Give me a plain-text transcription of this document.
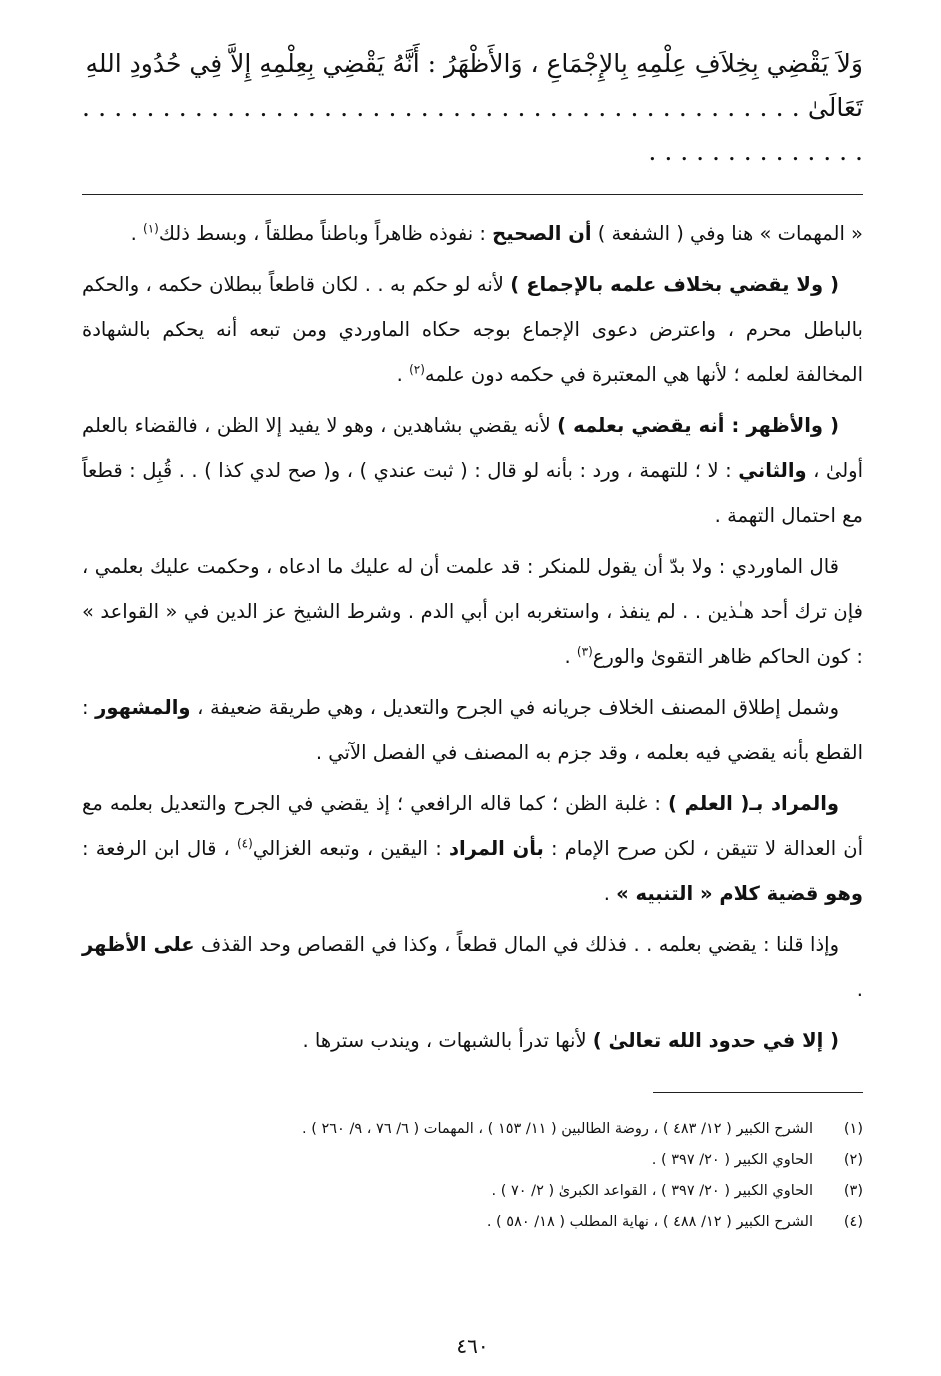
وَلاَ يَقْضِي بِخِلاَفِ عِلْمِهِ بِالإِجْمَاعِ ، وَالأَظْهَرُ : أَنَّهُ يَقْضِي بِعِلْمِهِ إِلاَّ فِي حُدُودِ اللهِ
تَعَالَىٰ . . . . . . . . . . . . . . . . . . . . . . . . . . . . . . . . . . . . . . . . . . . . . . . . . . . . . . . . . . .

« المهمات » هنا وفي ( الشفعة ) أن الصحيح : نفوذه ظاهراً وباطناً مطلقاً ، وبسط ذلك$^{(١)}$ .

( ولا يقضي بخلاف علمه بالإجماع ) لأنه لو حكم به . . لكان قاطعاً ببطلان حكمه ، والحكم بالباطل محرم ، واعترض دعوى الإجماع بوجه حكاه الماوردي ومن تبعه أنه يحكم بالشهادة المخالفة لعلمه ؛ لأنها هي المعتبرة في حكمه دون علمه$^{(٢)}$ .

( والأظهر : أنه يقضي بعلمه ) لأنه يقضي بشاهدين ، وهو لا يفيد إلا الظن ، فالقضاء بالعلم أولىٰ ، والثاني : لا ؛ للتهمة ، ورد : بأنه لو قال : ( ثبت عندي ) ، و( صح لدي كذا ) . . قُبِل : قطعاً مع احتمال التهمة .

قال الماوردي : ولا بدّ أن يقول للمنكر : قد علمت أن له عليك ما ادعاه ، وحكمت عليك بعلمي ، فإن ترك أحد هـٰذين . . لم ينفذ ، واستغربه ابن أبي الدم . وشرط الشيخ عز الدين في « القواعد » : كون الحاكم ظاهر التقوىٰ والورع$^{(٣)}$ .

وشمل إطلاق المصنف الخلاف جريانه في الجرح والتعديل ، وهي طريقة ضعيفة ، والمشهور : القطع بأنه يقضي فيه بعلمه ، وقد جزم به المصنف في الفصل الآتي .

والمراد بـ( العلم ) : غلبة الظن ؛ كما قاله الرافعي ؛ إذ يقضي في الجرح والتعديل بعلمه مع أن العدالة لا تتيقن ، لكن صرح الإمام : بأن المراد : اليقين ، وتبعه الغزالي$^{(٤)}$ ، قال ابن الرفعة : وهو قضية كلام « التنبيه » .

وإذا قلنا : يقضي بعلمه . . فذلك في المال قطعاً ، وكذا في القصاص وحد القذف على الأظهر .

( إلا في حدود الله تعالىٰ ) لأنها تدرأ بالشبهات ، ويندب سترها .

(١)
الشرح الكبير ( ١٢/ ٤٨٣ ) ، روضة الطالبين ( ١١/ ١٥٣ ) ، المهمات ( ٦/ ٧٦ ، ٩/ ٢٦٠ ) .
(٢)
الحاوي الكبير ( ٢٠/ ٣٩٧ ) .
(٣)
الحاوي الكبير ( ٢٠/ ٣٩٧ ) ، القواعد الكبرىٰ ( ٢/ ٧٠ ) .
(٤)
الشرح الكبير ( ١٢/ ٤٨٨ ) ، نهاية المطلب ( ١٨/ ٥٨٠ ) .
٤٦٠
